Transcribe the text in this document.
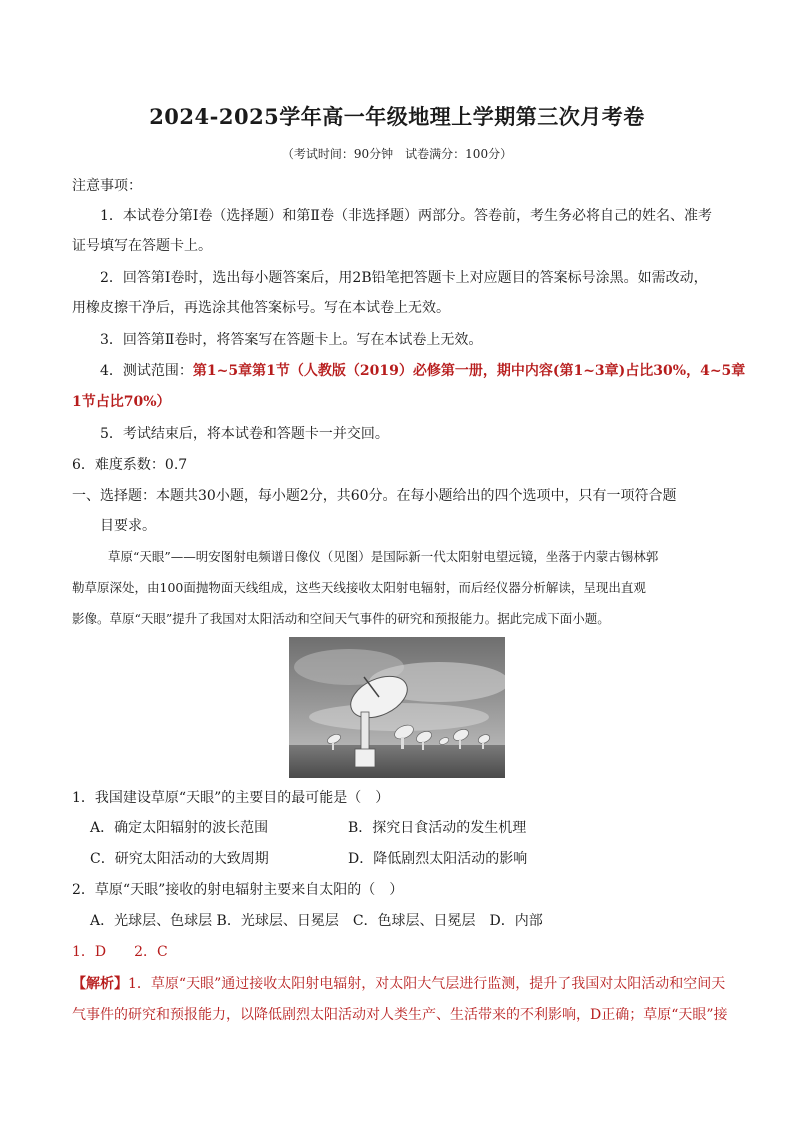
2024-2025学年高一年级地理上学期第三次月考卷
（考试时间：90分钟　试卷满分：100分）
注意事项：
1．本试卷分第Ⅰ卷（选择题）和第Ⅱ卷（非选择题）两部分。答卷前，考生务必将自己的姓名、准考
证号填写在答题卡上。
2．回答第Ⅰ卷时，选出每小题答案后，用2B铅笔把答题卡上对应题目的答案标号涂黑。如需改动，
用橡皮擦干净后，再选涂其他答案标号。写在本试卷上无效。
3．回答第Ⅱ卷时，将答案写在答题卡上。写在本试卷上无效。
4．测试范围：第1~5章第1节（人教版（2019）必修第一册，期中内容(第1~3章)占比30%，4~5章
1节占比70%）
5．考试结束后，将本试卷和答题卡一并交回。
6．难度系数：0.7
一、选择题：本题共30小题，每小题2分，共60分。在每小题给出的四个选项中，只有一项符合题
目要求。
草原“天眼”——明安图射电频谱日像仪（见图）是国际新一代太阳射电望远镜，坐落于内蒙古锡林郭
勒草原深处，由100面抛物面天线组成，这些天线接收太阳射电辐射，而后经仪器分析解读，呈现出直观
影像。草原“天眼”提升了我国对太阳活动和空间天气事件的研究和预报能力。据此完成下面小题。
1．我国建设草原“天眼”的主要目的最可能是（　）
A．确定太阳辐射的波长范围	B．探究日食活动的发生机理
C．研究太阳活动的大致周期	D．降低剧烈太阳活动的影响
2．草原“天眼”接收的射电辐射主要来自太阳的（　）
A．光球层、色球层 B．光球层、日冕层　C．色球层、日冕层　D．内部
1．D　　2．C
【解析】1．草原“天眼”通过接收太阳射电辐射，对太阳大气层进行监测，提升了我国对太阳活动和空间天
气事件的研究和预报能力，以降低剧烈太阳活动对人类生产、生活带来的不利影响，D正确；草原“天眼”接
